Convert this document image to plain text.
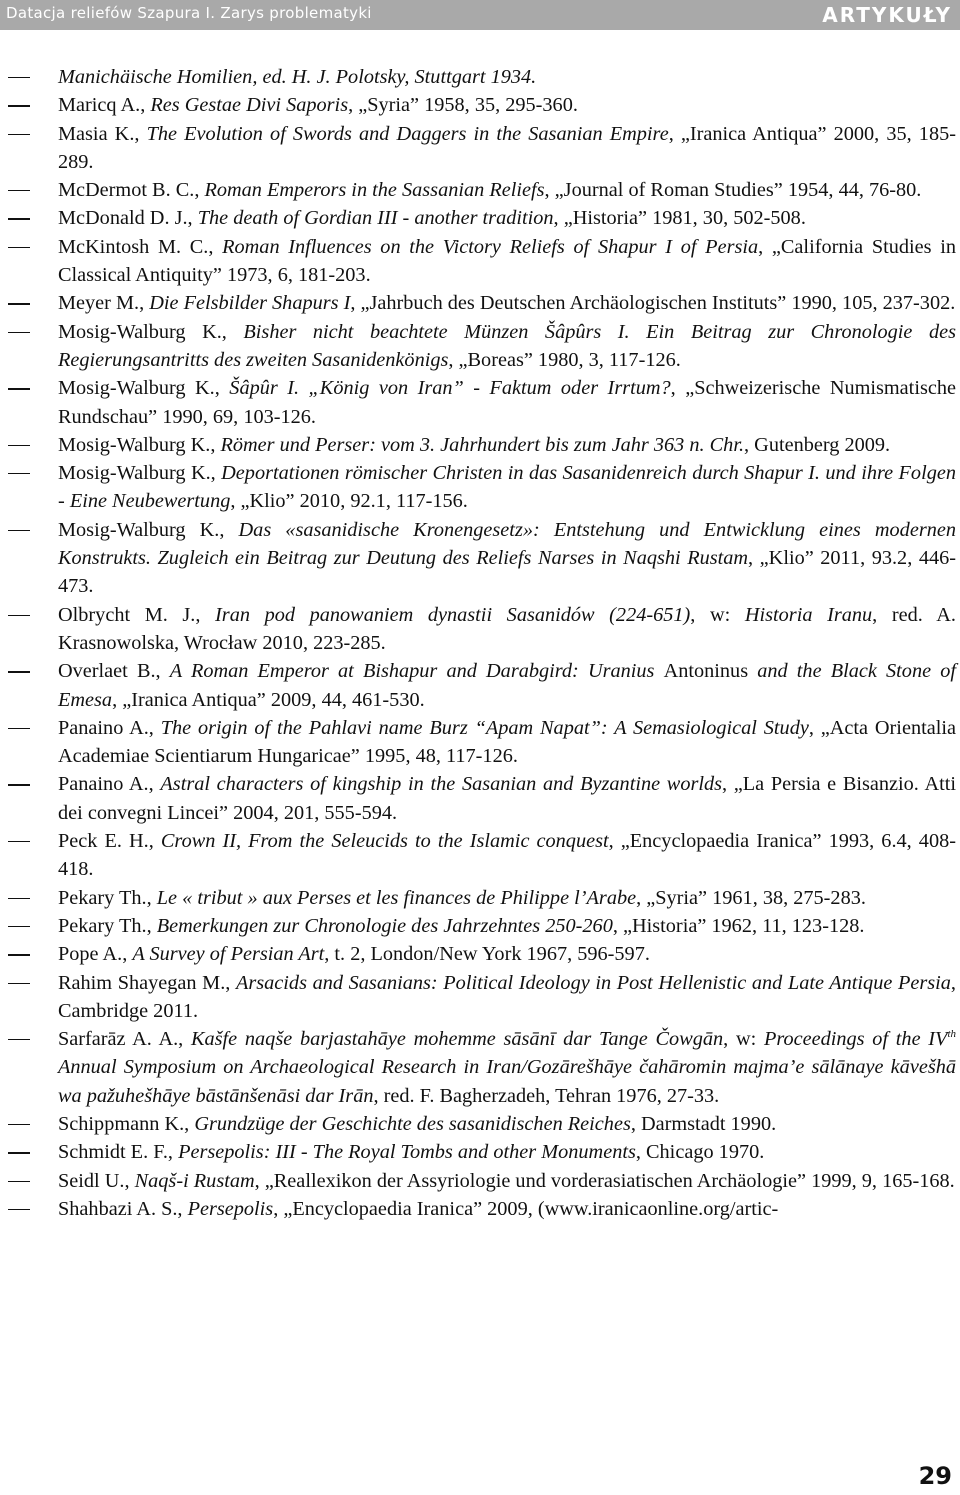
Datacja reliefów Szapura I. Zarys problematyki	ARTYKUŁY
Manichäische Homilien, ed. H. J. Polotsky, Stuttgart 1934.
Maricq A., Res Gestae Divi Saporis, „Syria” 1958, 35, 295-360.
Masia K., The Evolution of Swords and Daggers in the Sasanian Empire, „Iranica Antiqua” 2000, 35, 185-289.
McDermot B. C., Roman Emperors in the Sassanian Reliefs, „Journal of Roman Studies” 1954, 44, 76-80.
McDonald D. J., The death of Gordian III - another tradition, „Historia” 1981, 30, 502-508.
McKintosh M. C., Roman Influences on the Victory Reliefs of Shapur I of Persia, „California Studies in Classical Antiquity” 1973, 6, 181-203.
Meyer M., Die Felsbilder Shapurs I, „Jahrbuch des Deutschen Archäologischen Instituts” 1990, 105, 237-302.
Mosig-Walburg K., Bisher nicht beachtete Münzen Šâpûrs I. Ein Beitrag zur Chronologie des Regierungsantritts des zweiten Sasanidenkönigs, „Boreas” 1980, 3, 117-126.
Mosig-Walburg K., Šâpûr I. „König von Iran” - Faktum oder Irrtum?, „Schweizerische Numismatische Rundschau” 1990, 69, 103-126.
Mosig-Walburg K., Römer und Perser: vom 3. Jahrhundert bis zum Jahr 363 n. Chr., Gutenberg 2009.
Mosig-Walburg K., Deportationen römischer Christen in das Sasanidenreich durch Shapur I. und ihre Folgen - Eine Neubewertung, „Klio” 2010, 92.1, 117-156.
Mosig-Walburg K., Das «sasanidische Kronengesetz»: Entstehung und Entwicklung eines modernen Konstrukts. Zugleich ein Beitrag zur Deutung des Reliefs Narses in Naqshi Rustam, „Klio” 2011, 93.2, 446-473.
Olbrycht M. J., Iran pod panowaniem dynastii Sasanidów (224-651), w: Historia Iranu, red. A. Krasnowolska, Wrocław 2010, 223-285.
Overlaet B., A Roman Emperor at Bishapur and Darabgird: Uranius Antoninus and the Black Stone of Emesa, „Iranica Antiqua” 2009, 44, 461-530.
Panaino A., The origin of the Pahlavi name Burz “Apam Napat”: A Semasiological Study, „Acta Orientalia Academiae Scientiarum Hungaricae” 1995, 48, 117-126.
Panaino A., Astral characters of kingship in the Sasanian and Byzantine worlds, „La Persia e Bisanzio. Atti dei convegni Lincei” 2004, 201, 555-594.
Peck E. H., Crown II, From the Seleucids to the Islamic conquest, „Encyclopaedia Iranica” 1993, 6.4, 408-418.
Pekary Th., Le « tribut » aux Perses et les finances de Philippe l’Arabe, „Syria” 1961, 38, 275-283.
Pekary Th., Bemerkungen zur Chronologie des Jahrzehntes 250-260, „Historia” 1962, 11, 123-128.
Pope A., A Survey of Persian Art, t. 2, London/New York 1967, 596-597.
Rahim Shayegan M., Arsacids and Sasanians: Political Ideology in Post Hellenistic and Late Antique Persia, Cambridge 2011.
Sarfarāz A. A., Kašfe naqše barjastahāye mohemme sāsānī dar Tange Čowgān, w: Proceedings of the IVth Annual Symposium on Archaeological Research in Iran/Gozārešhāye čahāromin majma’e sālānaye kāvešhā wa pažuhešhāye bāstānšenāsi dar Irān, red. F. Bagherzadeh, Tehran 1976, 27-33.
Schippmann K., Grundzüge der Geschichte des sasanidischen Reiches, Darmstadt 1990.
Schmidt E. F., Persepolis: III - The Royal Tombs and other Monuments, Chicago 1970.
Seidl U., Naqš-i Rustam, „Reallexikon der Assyriologie und vorderasiatischen Archäologie” 1999, 9, 165-168.
Shahbazi A. S., Persepolis, „Encyclopaedia Iranica” 2009, (www.iranicaonline.org/artic-
29
